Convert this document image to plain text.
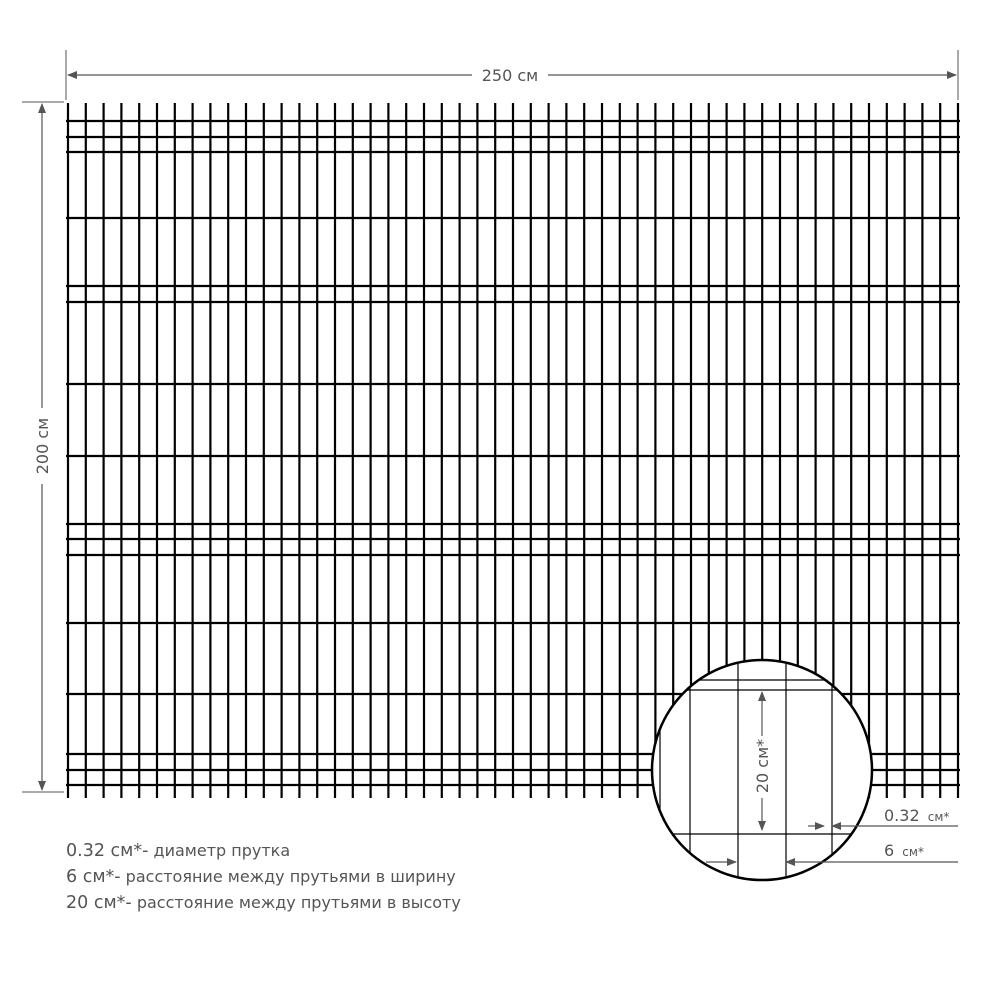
250 см
200 см
20 см*
0.32 см*
6 см*
0.32 см*- диаметр прутка
6 см*- расстояние между прутьями в ширину
20 см*- расстояние между прутьями в высоту
